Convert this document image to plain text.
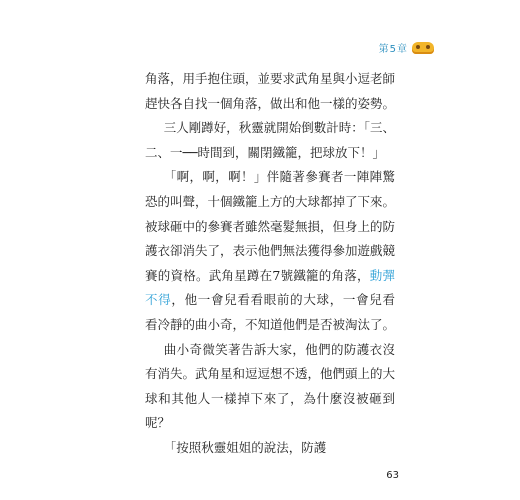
第5章

角落，用手抱住頭，並要求武角星與小逗老師趕快各自找一個角落，做出和他一樣的姿勢。

三人剛蹲好，秋靈就開始倒數計時：「三、二、一──時間到，關閉鐵籠，把球放下！」

「啊，啊，啊！」伴隨著參賽者一陣陣驚恐的叫聲，十個鐵籠上方的大球都掉了下來。被球砸中的參賽者雖然毫髮無損，但身上的防護衣卻消失了，表示他們無法獲得參加遊戲競賽的資格。武角星蹲在7號鐵籠的角落，動彈不得，他一會兒看看眼前的大球，一會兒看看冷靜的曲小奇，不知道他們是否被淘汰了。

曲小奇微笑著告訴大家，他們的防護衣沒有消失。武角星和逗逗想不透，他們頭上的大球和其他人一樣掉下來了，為什麼沒被砸到呢？

「按照秋靈姐姐的說法，防護

63
